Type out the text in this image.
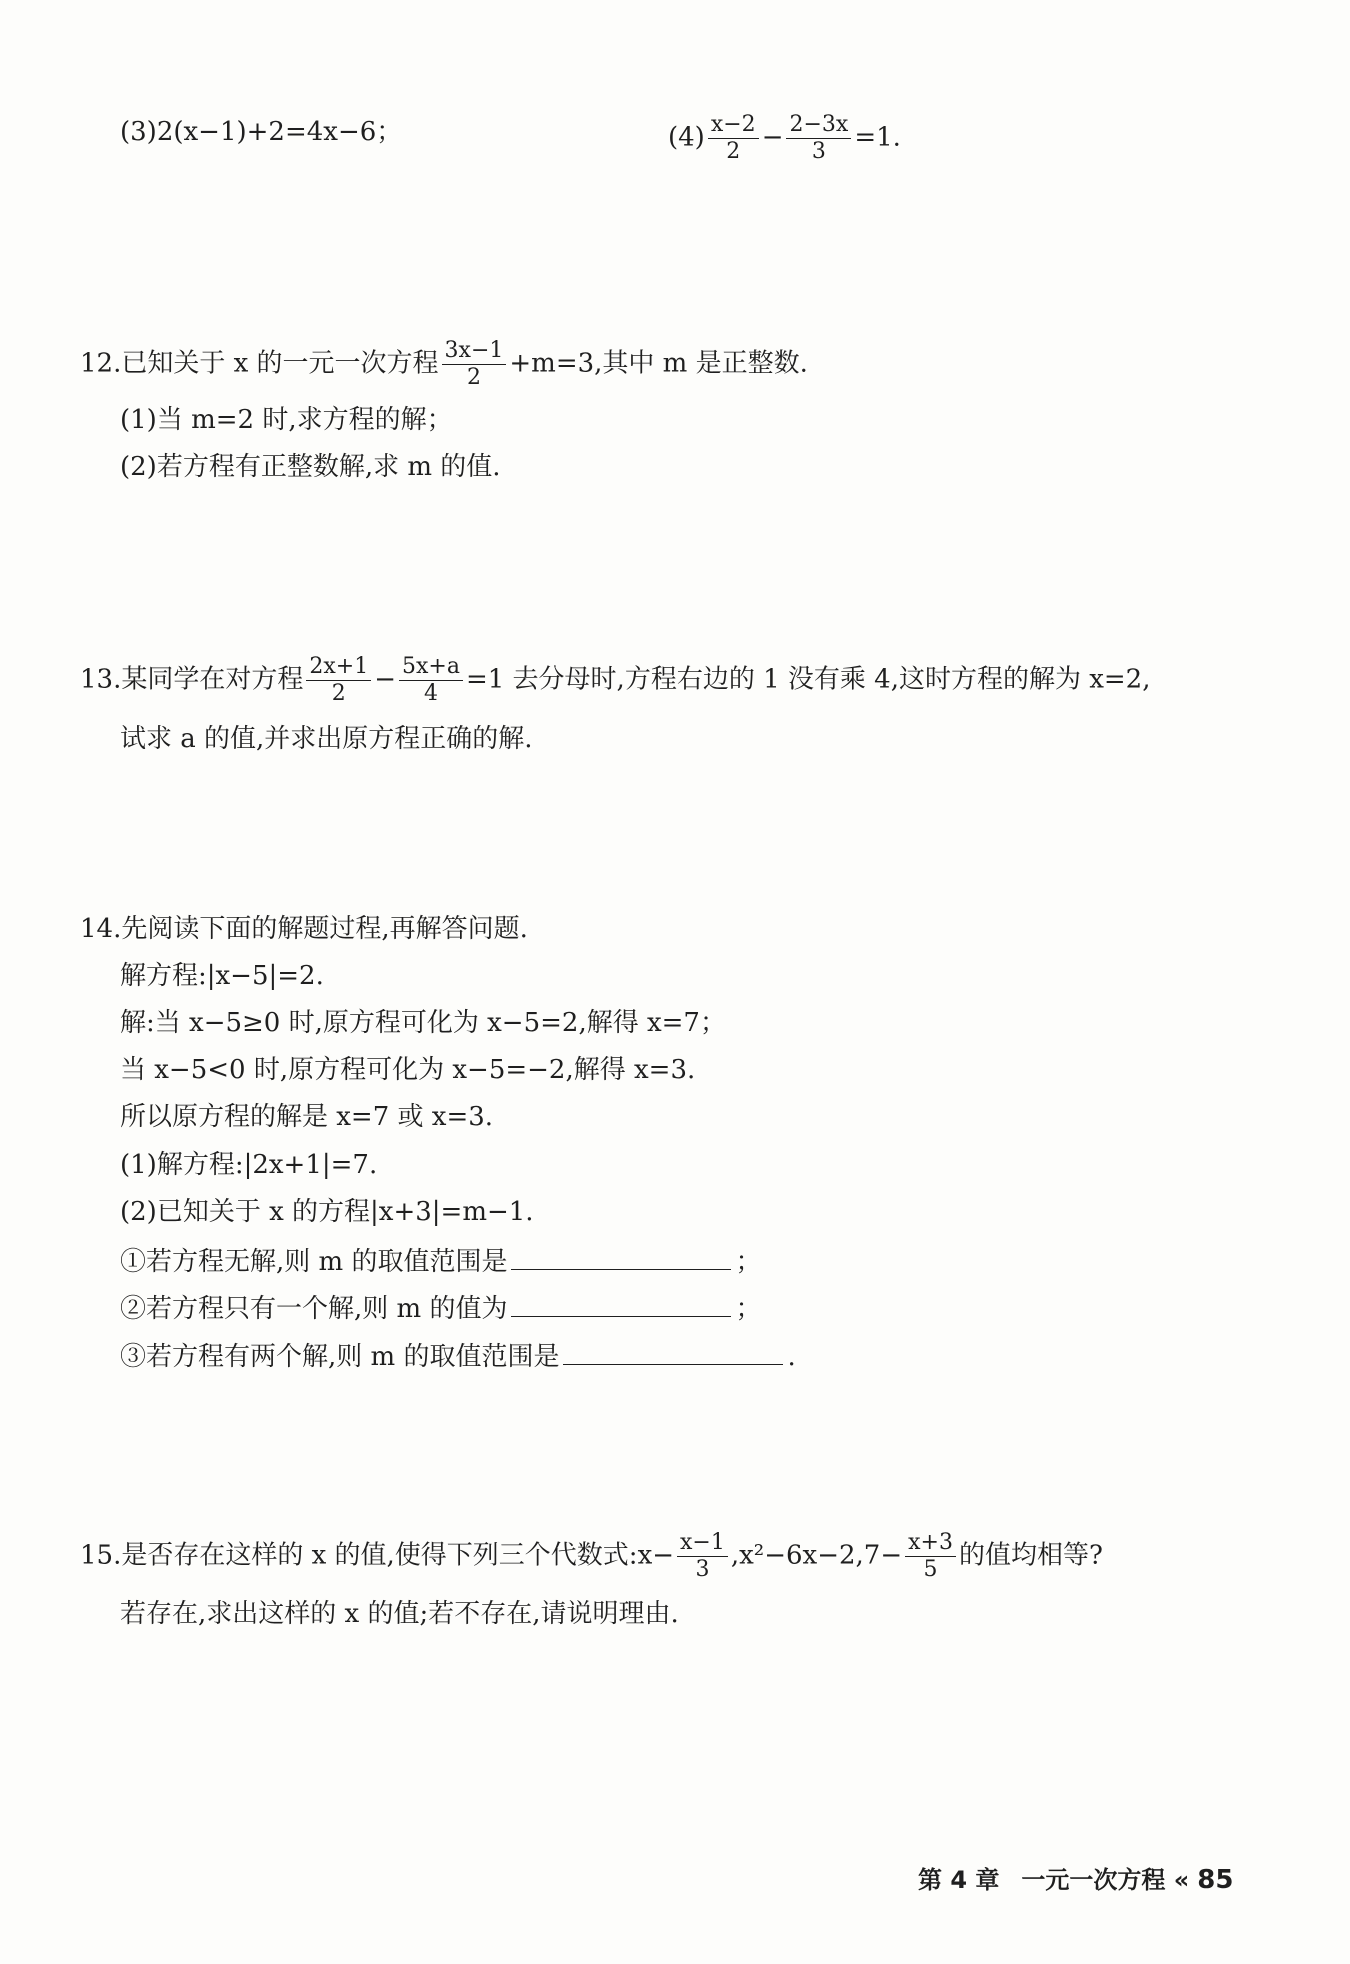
(3)2(x−1)+2=4x−6；	$(4) \frac{x-2}{2} - \frac{2-3x}{3} =1$.
12.已知关于 x 的一元一次方程 $\frac{3x-1}{2} +m=3$,其中 m 是正整数.
(1)当 m=2 时,求方程的解；
(2)若方程有正整数解,求 m 的值.
13.某同学在对方程 $\frac{2x+1}{2} - \frac{5x+a}{4} =1$ 去分母时,方程右边的 1 没有乘 4,这时方程的解为 x=2,
试求 a 的值,并求出原方程正确的解.
14.先阅读下面的解题过程,再解答问题.
解方程:|x−5|=2.
解:当 x−5≥0 时,原方程可化为 x−5=2,解得 x=7；
当 x−5<0 时,原方程可化为 x−5=−2,解得 x=3.
所以原方程的解是 x=7 或 x=3.
(1)解方程:|2x+1|=7.
(2)已知关于 x 的方程|x+3|=m−1.
①若方程无解,则 m 的取值范围是	；
②若方程只有一个解,则 m 的值为	；
③若方程有两个解,则 m 的取值范围是	.
15.是否存在这样的 x 的值,使得下列三个代数式:x− $\frac{x-1}{3} ,x^2-6x-2,7- \frac{x+3}{5}$ 的值均相等?
若存在,求出这样的 x 的值;若不存在,请说明理由.
第 4 章 一元一次方程 « 85
